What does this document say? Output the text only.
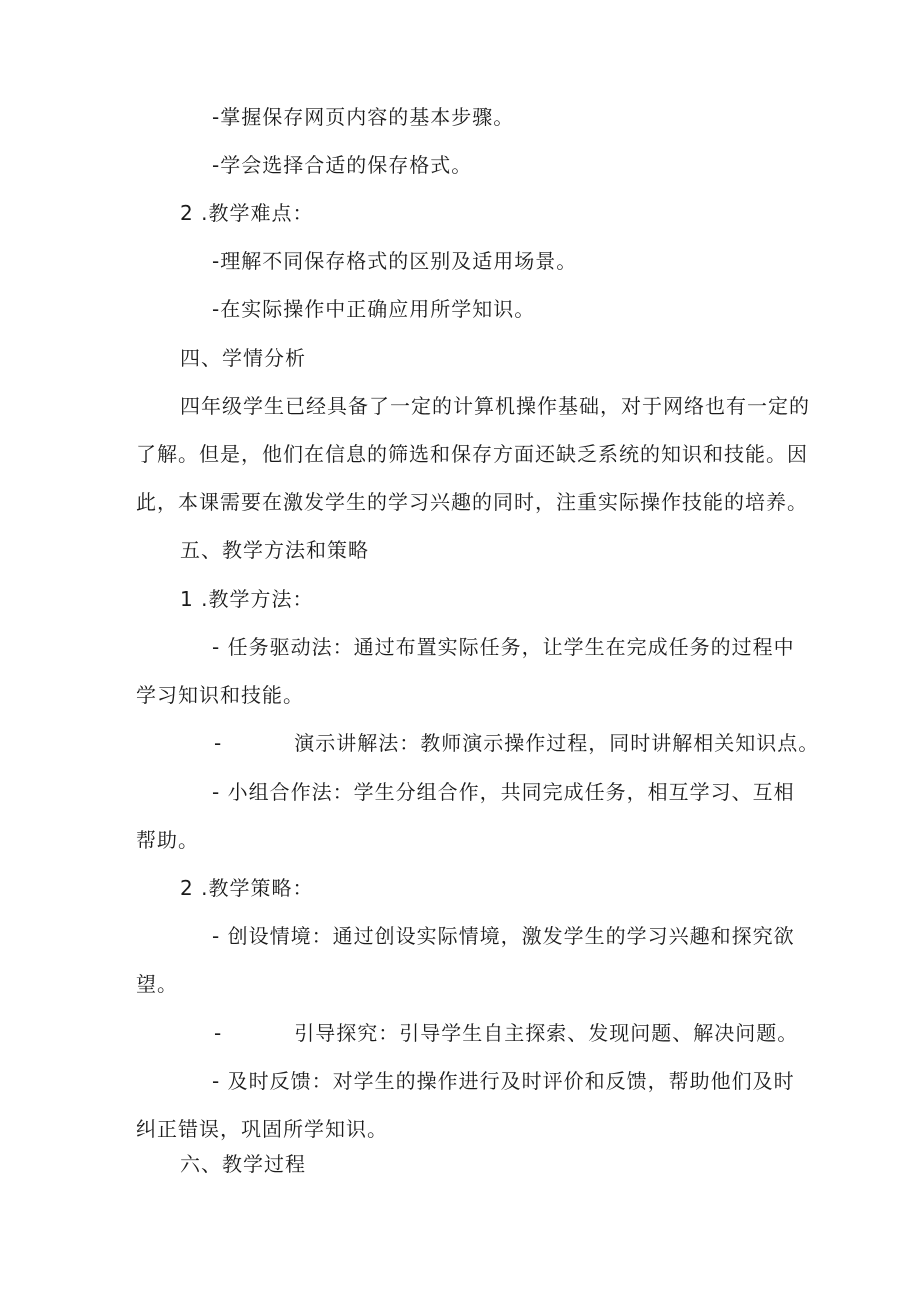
-掌握保存网页内容的基本步骤。
-学会选择合适的保存格式。
2 .教学难点：
-理解不同保存格式的区别及适用场景。
-在实际操作中正确应用所学知识。
四、学情分析
四年级学生已经具备了一定的计算机操作基础，对于网络也有一定的
了解。但是，他们在信息的筛选和保存方面还缺乏系统的知识和技能。因
此，本课需要在激发学生的学习兴趣的同时，注重实际操作技能的培养。
五、教学方法和策略
1 .教学方法：
- 任务驱动法：通过布置实际任务，让学生在完成任务的过程中
学习知识和技能。
-	演示讲解法：教师演示操作过程，同时讲解相关知识点。
- 小组合作法：学生分组合作，共同完成任务，相互学习、互相
帮助。
2 .教学策略：
- 创设情境：通过创设实际情境，激发学生的学习兴趣和探究欲
望。
-	引导探究：引导学生自主探索、发现问题、解决问题。
- 及时反馈：对学生的操作进行及时评价和反馈，帮助他们及时
纠正错误，巩固所学知识。
六、教学过程
